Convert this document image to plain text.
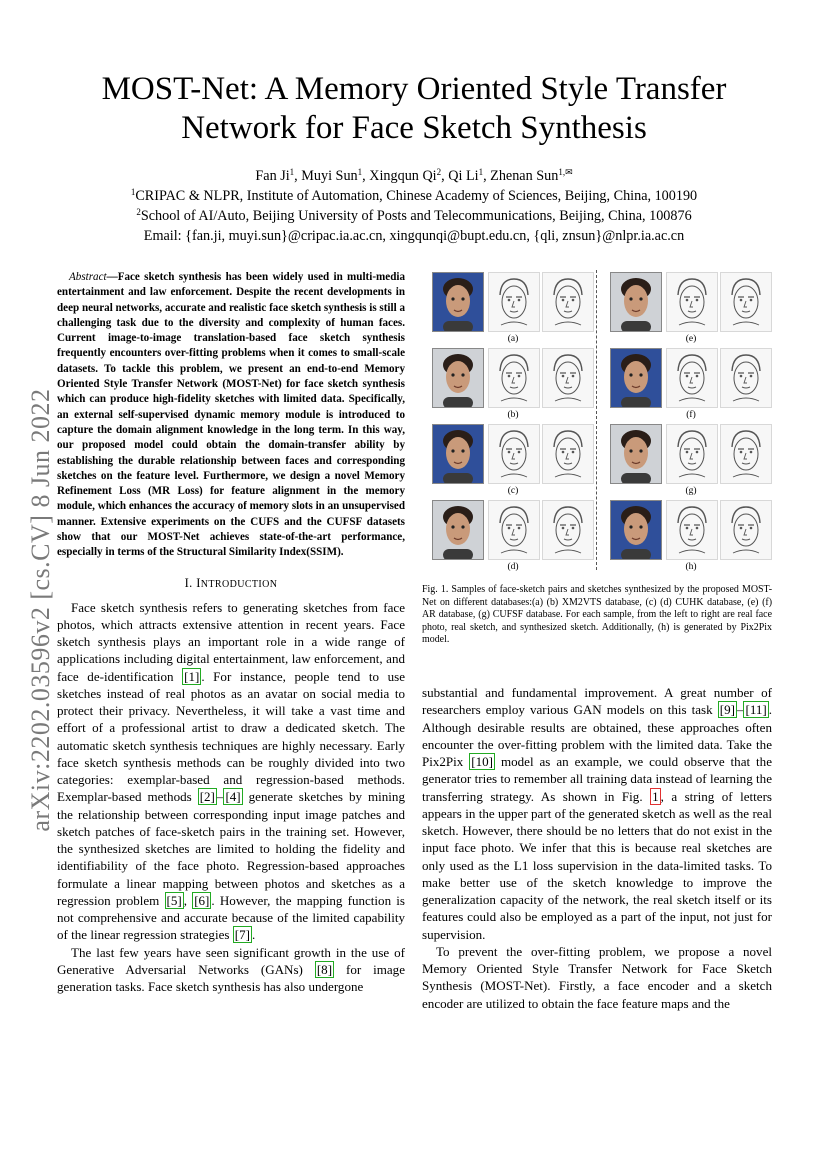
arXiv:2202.03596v2 [cs.CV] 8 Jun 2022
MOST-Net: A Memory Oriented Style Transfer
Network for Face Sketch Synthesis
Fan Ji$^1$, Muyi Sun$^1$, Xingqun Qi$^2$, Qi Li$^1$, Zhenan Sun$^{1,✉}$
$^1$CRIPAC & NLPR, Institute of Automation, Chinese Academy of Sciences, Beijing, China, 100190
$^2$School of AI/Auto, Beijing University of Posts and Telecommunications, Beijing, China, 100876
Email: {fan.ji, muyi.sun}@cripac.ia.ac.cn, xingqunqi@bupt.edu.cn, {qli, znsun}@nlpr.ia.ac.cn

Abstract—Face sketch synthesis has been widely used in multi-media entertainment and law enforcement. Despite the recent developments in deep neural networks, accurate and realistic face sketch synthesis is still a challenging task due to the diversity and complexity of human faces. Current image-to-image translation-based face sketch synthesis frequently encounters over-fitting problems when it comes to small-scale datasets. To tackle this problem, we present an end-to-end Memory Oriented Style Transfer Network (MOST-Net) for face sketch synthesis which can produce high-fidelity sketches with limited data. Specifically, an external self-supervised dynamic memory module is introduced to capture the domain alignment knowledge in the long term. In this way, our proposed model could obtain the domain-transfer ability by establishing the durable relationship between faces and corresponding sketches on the feature level. Furthermore, we design a novel Memory Refinement Loss (MR Loss) for feature alignment in the memory module, which enhances the accuracy of memory slots in an unsupervised manner. Extensive experiments on the CUFS and the CUFSF datasets show that our MOST-Net achieves state-of-the-art performance, especially in terms of the Structural Similarity Index(SSIM).

I. INTRODUCTION

Face sketch synthesis refers to generating sketches from face photos, which attracts extensive attention in recent years. Face sketch synthesis plays an important role in a wide range of applications including digital entertainment, law enforcement, and face de-identification [1] . For instance, people tend to use sketches instead of real photos as an avatar on social media to protect their privacy. Nevertheless, it will take a vast time and effort of a professional artist to draw a dedicated sketch. The automatic sketch synthesis techniques are highly necessary. Early face sketch synthesis methods can be roughly divided into two categories: exemplar-based and regression-based methods. Exemplar-based methods [2] – [4] generate sketches by mining the relationship between corresponding input image patches and sketch patches of face-sketch pairs in the training set. However, the synthesized sketches are limited to holding the fidelity and identifiability of the face photo. Regression-based approaches formulate a linear mapping between photos and sketches as a regression problem [5] , [6] . However, the mapping function is not comprehensive and accurate because of the limited capability of the linear regression strategies [7] .

The last few years have seen significant growth in the use of Generative Adversarial Networks (GANs) [8] for image generation tasks. Face sketch synthesis has also undergone

(a)
(b)
(c)
(d)
(e)
(f)
(g)
(h)

Fig. 1. Samples of face-sketch pairs and sketches synthesized by the proposed MOST-Net on different databases:(a) (b) XM2VTS database, (c) (d) CUHK database, (e) (f) AR database, (g) CUFSF database. For each sample, from the left to right are real face photo, real sketch, and synthesized sketch. Additionally, (h) is generated by Pix2Pix model.

substantial and fundamental improvement. A great number of researchers employ various GAN models on this task [9] – [11] . Although desirable results are obtained, these approaches often encounter the over-fitting problem with the limited data. Take the Pix2Pix [10] model as an example, we could observe that the generator tries to remember all training data instead of learning the transferring strategy. As shown in Fig. 1 , a string of letters appears in the upper part of the generated sketch as well as the real sketch. However, there should be no letters that do not exist in the input face photo. We infer that this is because real sketches are only used as the L1 loss supervision in the data-limited tasks. To make better use of the sketch knowledge to improve the generalization capacity of the network, the real sketch itself or its features could also be employed as a part of the input, not just for supervision.

To prevent the over-fitting problem, we propose a novel Memory Oriented Style Transfer Network for Face Sketch Synthesis (MOST-Net). Firstly, a face encoder and a sketch encoder are utilized to obtain the face feature maps and the
